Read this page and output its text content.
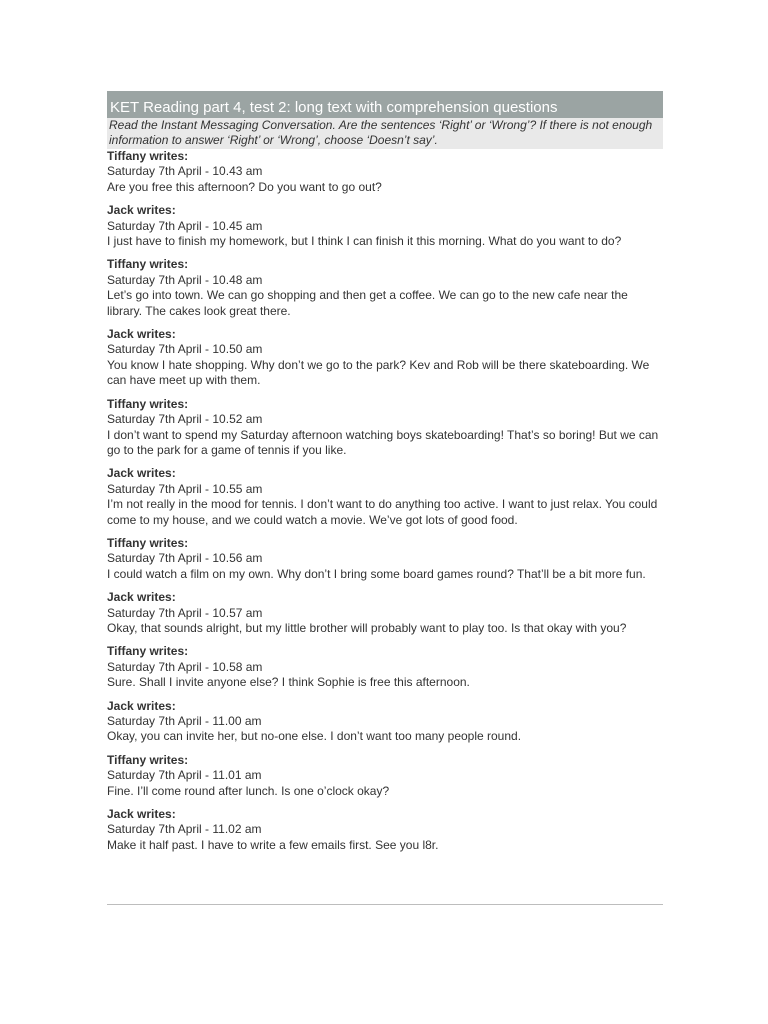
KET Reading part 4, test 2: long text with comprehension questions
Read the Instant Messaging Conversation. Are the sentences ‘Right’ or ‘Wrong’? If there is not enough information to answer ‘Right’ or ‘Wrong’, choose ‘Doesn’t say’.
Tiffany writes:
Saturday 7th April - 10.43 am
Are you free this afternoon? Do you want to go out?
Jack writes:
Saturday 7th April - 10.45 am
I just have to finish my homework, but I think I can finish it this morning. What do you want to do?
Tiffany writes:
Saturday 7th April - 10.48 am
Let’s go into town. We can go shopping and then get a coffee. We can go to the new cafe near the library. The cakes look great there.
Jack writes:
Saturday 7th April - 10.50 am
You know I hate shopping. Why don’t we go to the park? Kev and Rob will be there skateboarding. We can have meet up with them.
Tiffany writes:
Saturday 7th April - 10.52 am
I don’t want to spend my Saturday afternoon watching boys skateboarding! That’s so boring! But we can go to the park for a game of tennis if you like.
Jack writes:
Saturday 7th April - 10.55 am
I’m not really in the mood for tennis. I don’t want to do anything too active. I want to just relax. You could come to my house, and we could watch a movie. We’ve got lots of good food.
Tiffany writes:
Saturday 7th April - 10.56 am
I could watch a film on my own. Why don’t I bring some board games round? That’ll be a bit more fun.
Jack writes:
Saturday 7th April - 10.57 am
Okay, that sounds alright, but my little brother will probably want to play too. Is that okay with you?
Tiffany writes:
Saturday 7th April - 10.58 am
Sure. Shall I invite anyone else? I think Sophie is free this afternoon.
Jack writes:
Saturday 7th April - 11.00 am
Okay, you can invite her, but no-one else. I don’t want too many people round.
Tiffany writes:
Saturday 7th April - 11.01 am
Fine. I’ll come round after lunch. Is one o’clock okay?
Jack writes:
Saturday 7th April - 11.02 am
Make it half past. I have to write a few emails first. See you l8r.
